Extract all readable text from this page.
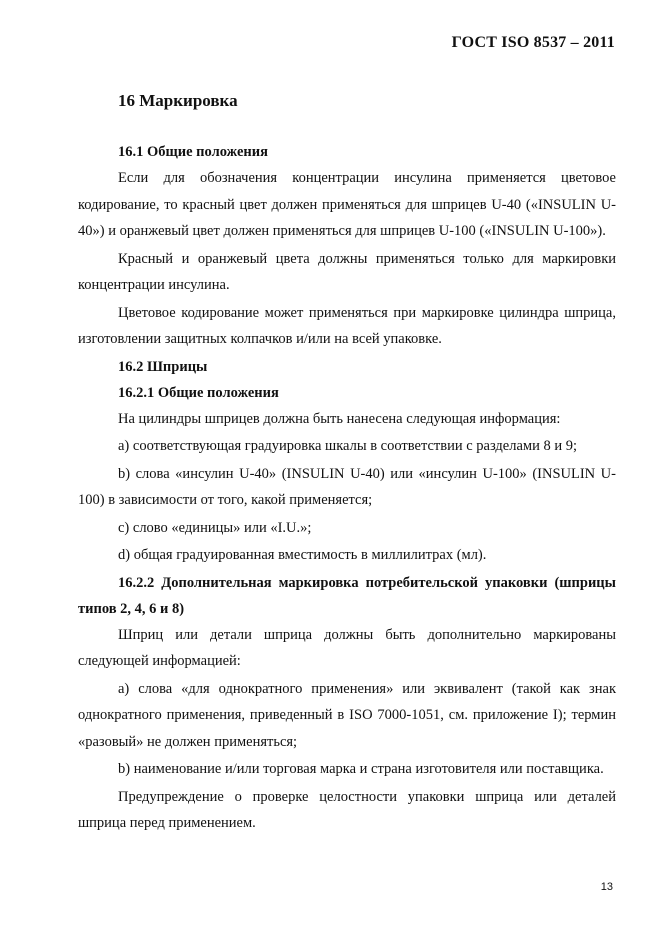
ГОСТ ISO 8537 – 2011
16 Маркировка
16.1 Общие положения

Если для обозначения концентрации инсулина применяется цветовое кодирование, то красный цвет должен применяться для шприцев U-40 («INSULIN U-40») и оранжевый цвет должен применяться для шприцев U-100 («INSULIN U-100»).

Красный и оранжевый цвета должны применяться только для маркировки концентрации инсулина.

Цветовое кодирование может применяться при маркировке цилиндра шприца, изготовлении защитных колпачков и/или на всей упаковке.

16.2 Шприцы
16.2.1 Общие положения

На цилиндры шприцев должна быть нанесена следующая информация:

a) соответствующая градуировка шкалы в соответствии с разделами 8 и 9;

b) слова «инсулин U-40» (INSULIN U-40) или «инсулин U-100» (INSULIN U-100) в зависимости от того, какой применяется;

c) слово «единицы» или «I.U.»;

d) общая градуированная вместимость в миллилитрах (мл).

16.2.2 Дополнительная маркировка потребительской упаковки (шприцы типов 2, 4, 6 и 8)

Шприц или детали шприца должны быть дополнительно маркированы следующей информацией:

a) слова «для однократного применения» или эквивалент (такой как знак однократного применения, приведенный в ISO 7000-1051, см. приложение I); термин «разовый» не должен применяться;

b) наименование и/или торговая марка и страна изготовителя или поставщика.

Предупреждение о проверке целостности упаковки шприца или деталей шприца перед применением.

13
